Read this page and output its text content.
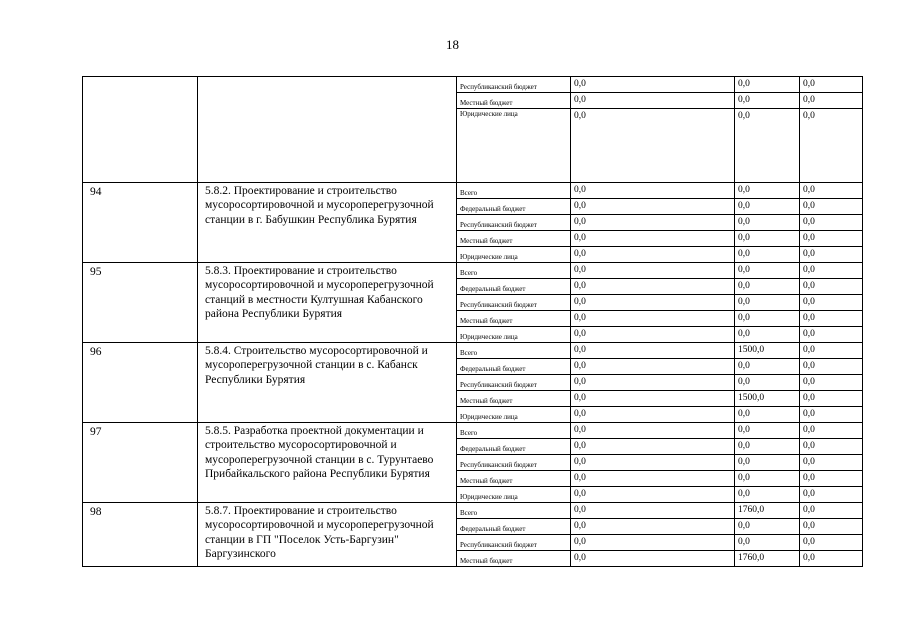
18

		Республиканский бюджет	0,0	0,0	0,0

		Местный бюджет	0,0	0,0	0,0

		Юридические лица	0,0	0,0	0,0

94	5.8.2. Проектирование и строительство мусоросортировочной и мусороперегрузочной станции в г. Бабушкин Республика Бурятия	Всего	0,0	0,0	0,0

		Федеральный бюджет	0,0	0,0	0,0

		Республиканский бюджет	0,0	0,0	0,0

		Местный бюджет	0,0	0,0	0,0

		Юридические лица	0,0	0,0	0,0

95	5.8.3. Проектирование и строительство мусоросортировочной и мусороперегрузочной станций в местности Култушная Кабанского района Республики Бурятия	Всего	0,0	0,0	0,0

		Федеральный бюджет	0,0	0,0	0,0

		Республиканский бюджет	0,0	0,0	0,0

		Местный бюджет	0,0	0,0	0,0

		Юридические лица	0,0	0,0	0,0

96	5.8.4. Строительство мусоросортировочной и мусороперегрузочной станции в с. Кабанск Республики Бурятия	Всего	0,0	1500,0	0,0

		Федеральный бюджет	0,0	0,0	0,0

		Республиканский бюджет	0,0	0,0	0,0

		Местный бюджет	0,0	1500,0	0,0

		Юридические лица	0,0	0,0	0,0

97	5.8.5. Разработка проектной документации и строительство мусоросортировочной и мусороперегрузочной станции в с. Турунтаево Прибайкальского района Республики Бурятия	Всего	0,0	0,0	0,0

		Федеральный бюджет	0,0	0,0	0,0

		Республиканский бюджет	0,0	0,0	0,0

		Местный бюджет	0,0	0,0	0,0

		Юридические лица	0,0	0,0	0,0

98	5.8.7. Проектирование и строительство мусоросортировочной и мусороперегрузочной станции в ГП "Поселок Усть-Баргузин" Баргузинского	Всего	0,0	1760,0	0,0

		Федеральный бюджет	0,0	0,0	0,0

		Республиканский бюджет	0,0	0,0	0,0

		Местный бюджет	0,0	1760,0	0,0
